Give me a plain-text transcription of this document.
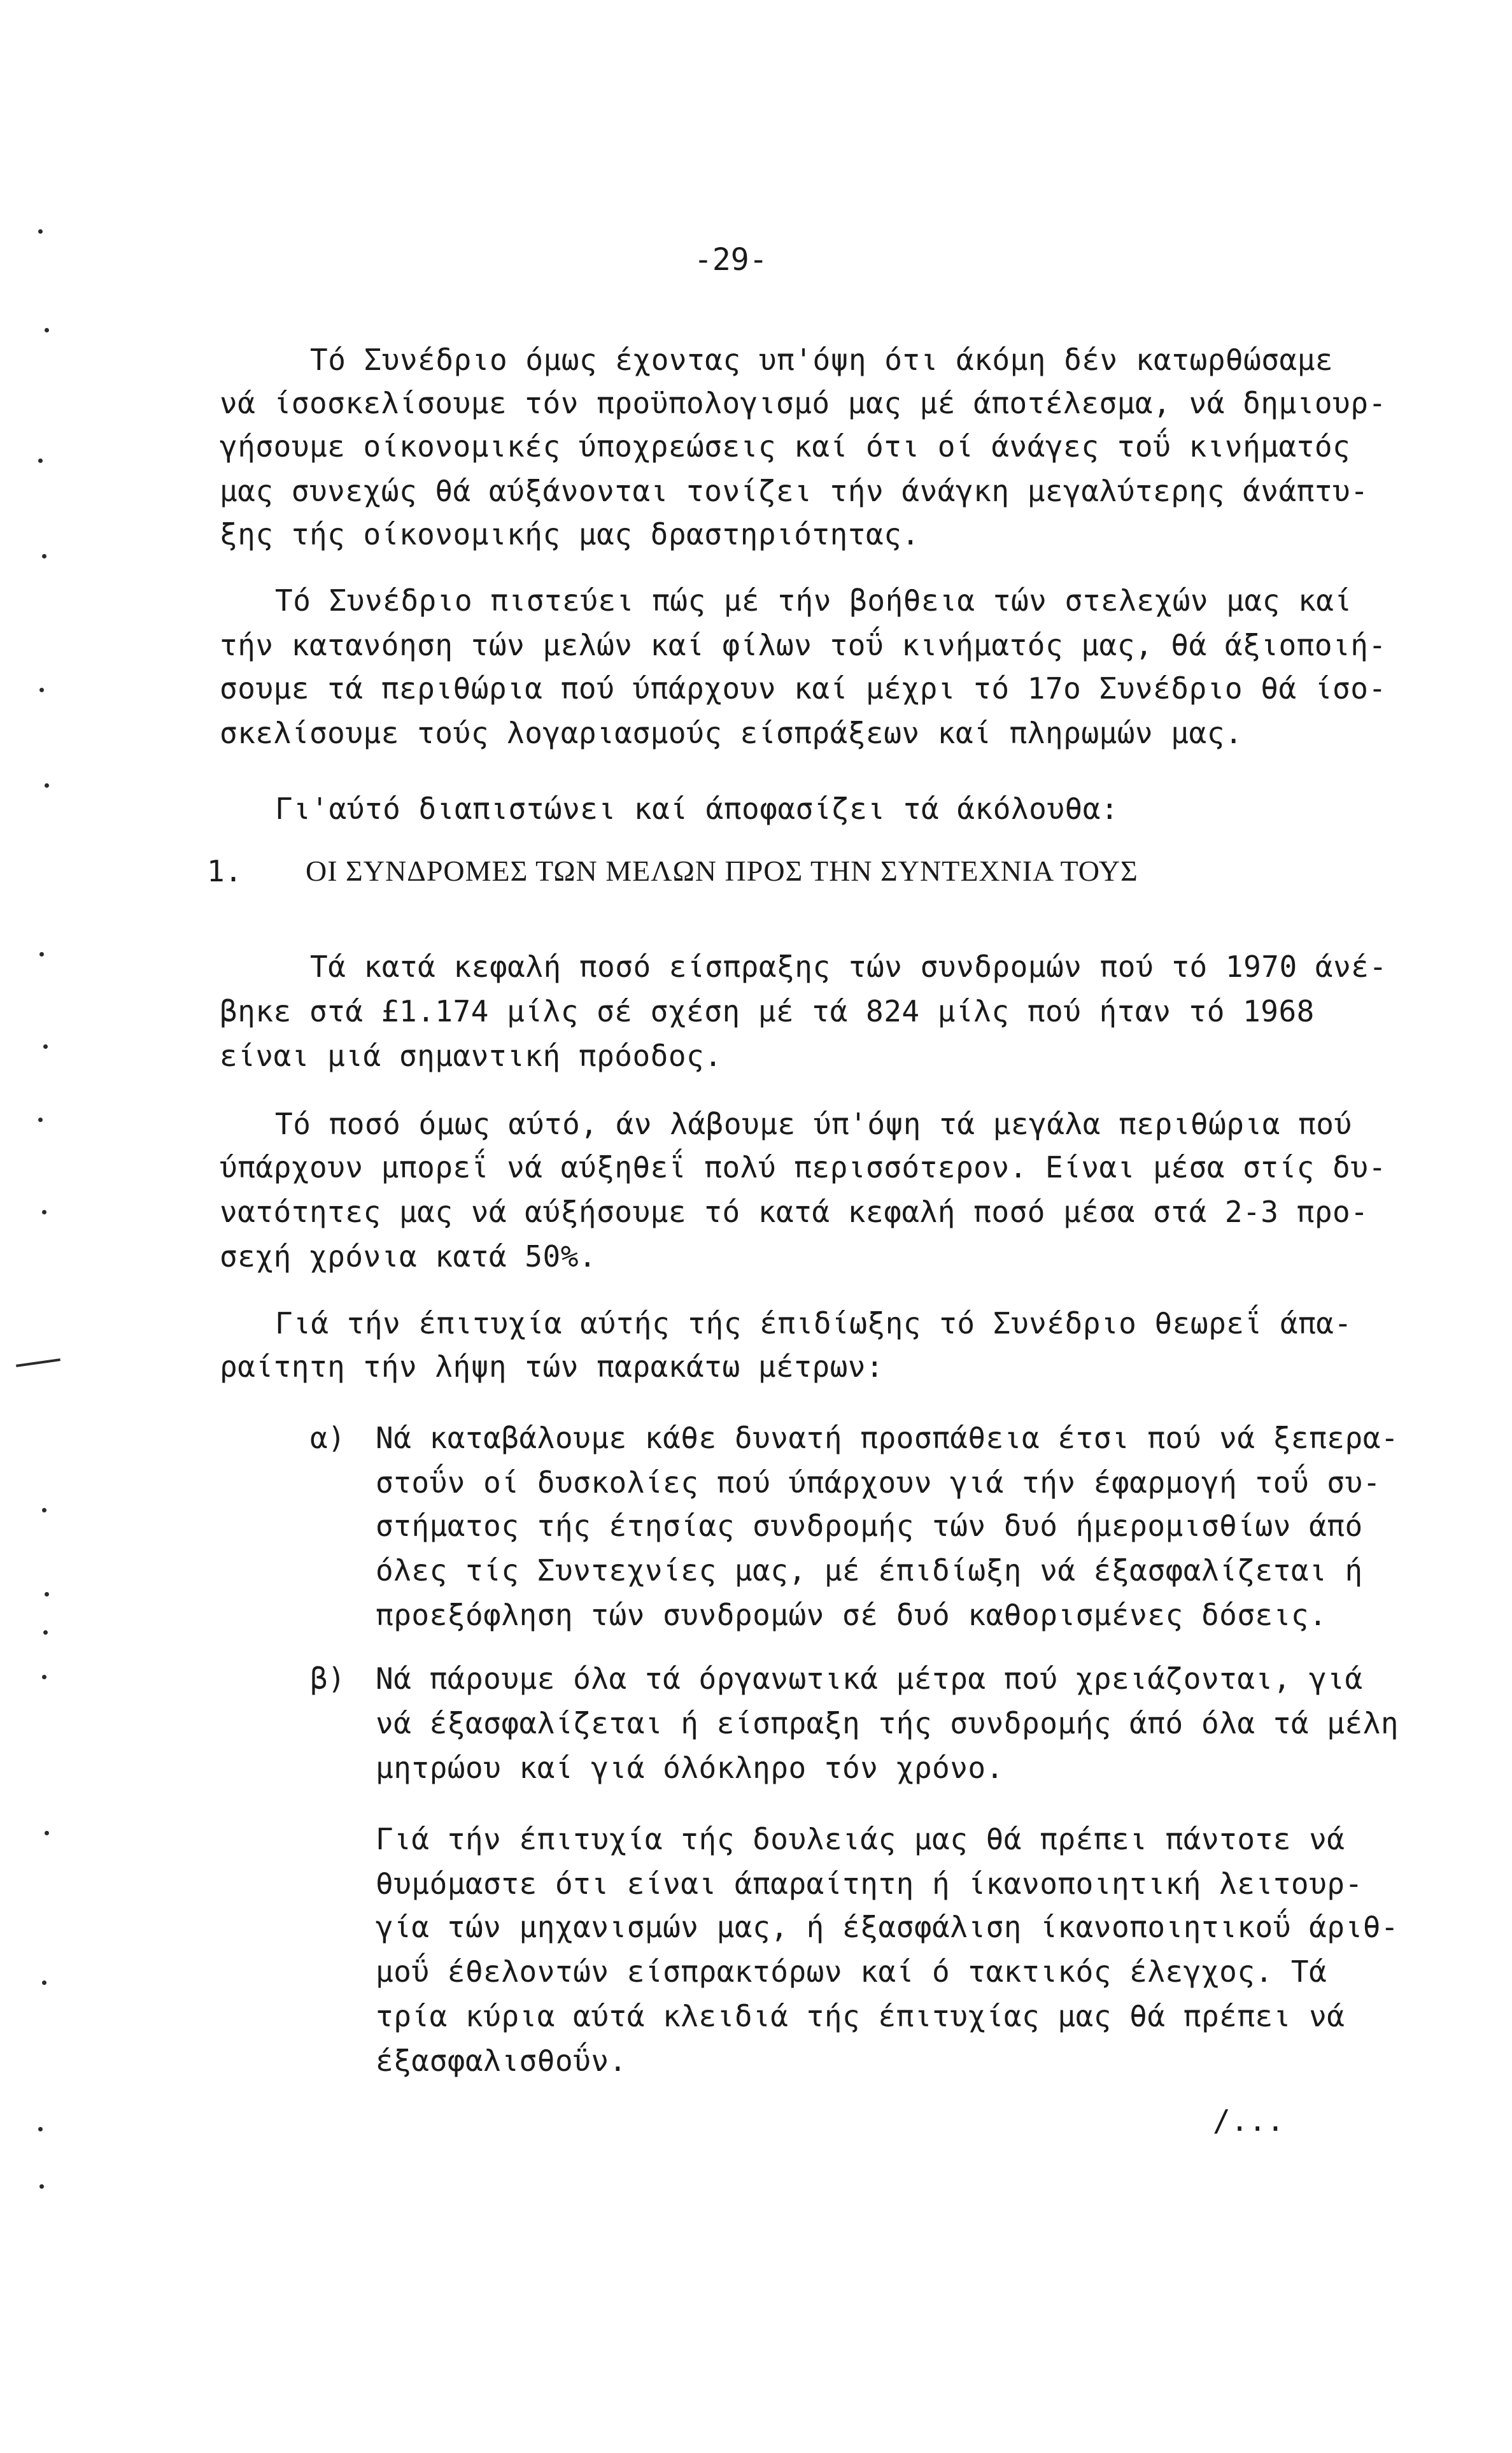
-29-
Τό Συνέδριο όμως έχοντας υπ'όψη ότι άκόμη δέν κατωρθώσαμε
νά ίσοσκελίσουμε τόν προϋπολογισμό μας μέ άποτέλεσμα, νά δημιουρ-
γήσουμε οίκονομικές ύποχρεώσεις καί ότι οί άνάγες τοΰ κινήματός
μας συνεχώς θά αύξάνονται τονίζει τήν άνάγκη μεγαλύτερης άνάπτυ-
ξης τής οίκονομικής μας δραστηριότητας.
Τό Συνέδριο πιστεύει πώς μέ τήν βοήθεια τών στελεχών μας καί
τήν κατανόηση τών μελών καί φίλων τοΰ κινήματός μας, θά άξιοποιή-
σουμε τά περιθώρια πού ύπάρχουν καί μέχρι τό 17ο Συνέδριο θά ίσο-
σκελίσουμε τούς λογαριασμούς είσπράξεων καί πληρωμών μας.
Γι'αύτό διαπιστώνει καί άποφασίζει τά άκόλουθα:
1. ΟΙ ΣΥΝΔΡΟΜΕΣ ΤΩΝ ΜΕΛΩΝ ΠΡΟΣ ΤΗΝ ΣΥΝΤΕΧΝΙΑ ΤΟΥΣ
Τά κατά κεφαλή ποσό είσπραξης τών συνδρομών πού τό 1970 άνέ-
βηκε στά £1.174 μίλς σέ σχέση μέ τά 824 μίλς πού ήταν τό 1968
είναι μιά σημαντική πρόοδος.
Τό ποσό όμως αύτό, άν λάβουμε ύπ'όψη τά μεγάλα περιθώρια πού
ύπάρχουν μπορεΐ νά αύξηθεΐ πολύ περισσότερον. Είναι μέσα στίς δυ-
νατότητες μας νά αύξήσουμε τό κατά κεφαλή ποσό μέσα στά 2-3 προ-
σεχή χρόνια κατά 50%.
Γιά τήν έπιτυχία αύτής τής έπιδίωξης τό Συνέδριο θεωρεΐ άπα-
ραίτητη τήν λήψη τών παρακάτω μέτρων:
α) Νά καταβάλουμε κάθε δυνατή προσπάθεια έτσι πού νά ξεπερα-
στοΰν οί δυσκολίες πού ύπάρχουν γιά τήν έφαρμογή τοΰ συ-
στήματος τής έτησίας συνδρομής τών δυό ήμερομισθίων άπό
όλες τίς Συντεχνίες μας, μέ έπιδίωξη νά έξασφαλίζεται ή
πρoεξόφληση τών συνδρομών σέ δυό καθορισμένες δόσεις.
β) Νά πάρουμε όλα τά όργανωτικά μέτρα πού χρειάζονται, γιά
νά έξασφαλίζεται ή είσπραξη τής συνδρομής άπό όλα τά μέλη
μητρώου καί γιά όλόκληρο τόν χρόνο.
Γιά τήν έπιτυχία τής δουλειάς μας θά πρέπει πάντοτε νά
θυμόμαστε ότι είναι άπαραίτητη ή ίκανοποιητική λειτουρ-
γία τών μηχανισμών μας, ή έξασφάλιση ίκανοποιητικοΰ άριθ-
μοΰ έθελοντών είσπρακτόρων καί ό τακτικός έλεγχος. Τά
τρία κύρια αύτά κλειδιά τής έπιτυχίας μας θά πρέπει νά
έξασφαλισθοΰν.
/...
